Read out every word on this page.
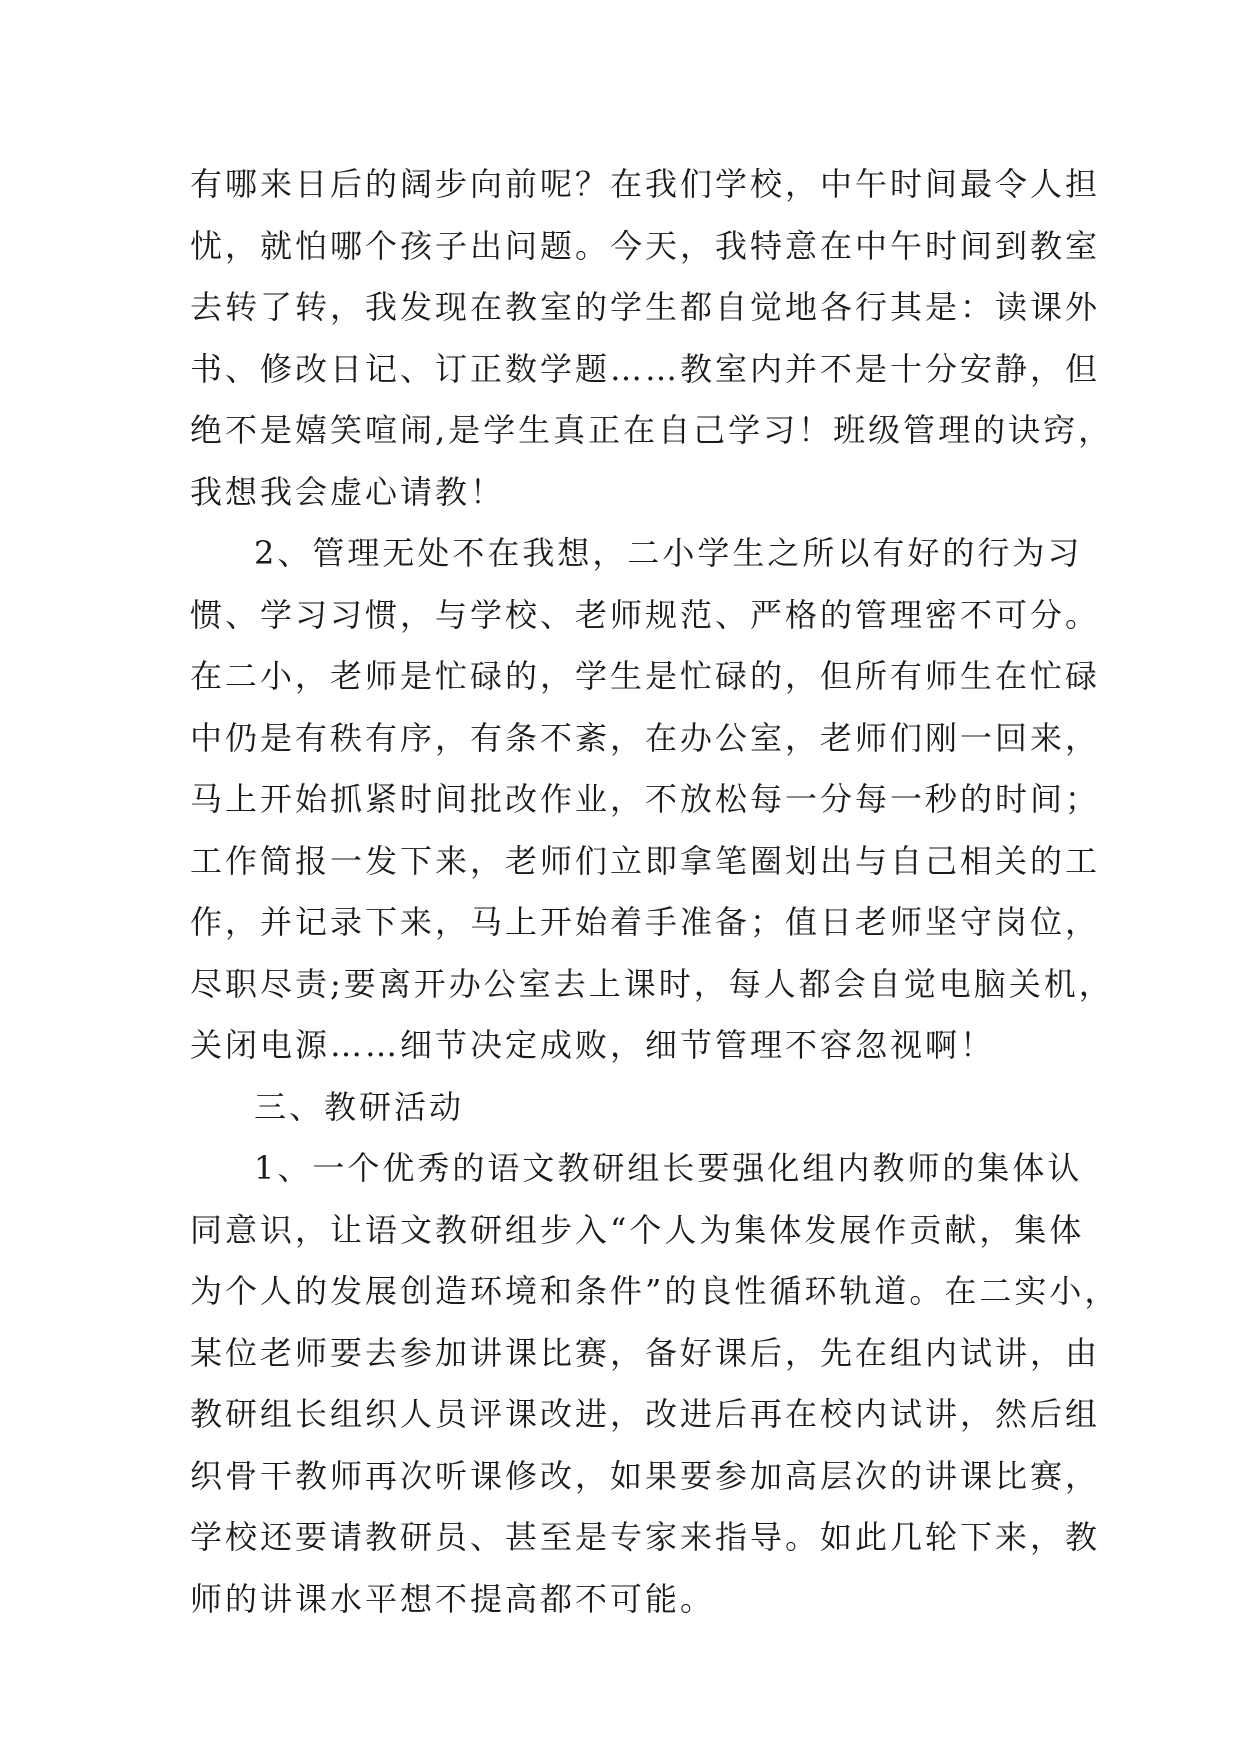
有哪来日后的阔步向前呢？在我们学校，中午时间最令人担
忧，就怕哪个孩子出问题。今天，我特意在中午时间到教室
去转了转，我发现在教室的学生都自觉地各行其是：读课外
书、修改日记、订正数学题……教室内并不是十分安静，但
绝不是嬉笑喧闹,是学生真正在自己学习！班级管理的诀窍，
我想我会虚心请教！
2、管理无处不在我想，二小学生之所以有好的行为习
惯、学习习惯，与学校、老师规范、严格的管理密不可分。
在二小，老师是忙碌的，学生是忙碌的，但所有师生在忙碌
中仍是有秩有序，有条不紊，在办公室，老师们刚一回来，
马上开始抓紧时间批改作业，不放松每一分每一秒的时间；
工作简报一发下来，老师们立即拿笔圈划出与自己相关的工
作，并记录下来，马上开始着手准备；值日老师坚守岗位，
尽职尽责;要离开办公室去上课时，每人都会自觉电脑关机，
关闭电源……细节决定成败，细节管理不容忽视啊！
三、教研活动
1、一个优秀的语文教研组长要强化组内教师的集体认
同意识，让语文教研组步入“个人为集体发展作贡献，集体
为个人的发展创造环境和条件”的良性循环轨道。在二实小，
某位老师要去参加讲课比赛，备好课后，先在组内试讲，由
教研组长组织人员评课改进，改进后再在校内试讲，然后组
织骨干教师再次听课修改，如果要参加高层次的讲课比赛，
学校还要请教研员、甚至是专家来指导。如此几轮下来，教
师的讲课水平想不提高都不可能。
